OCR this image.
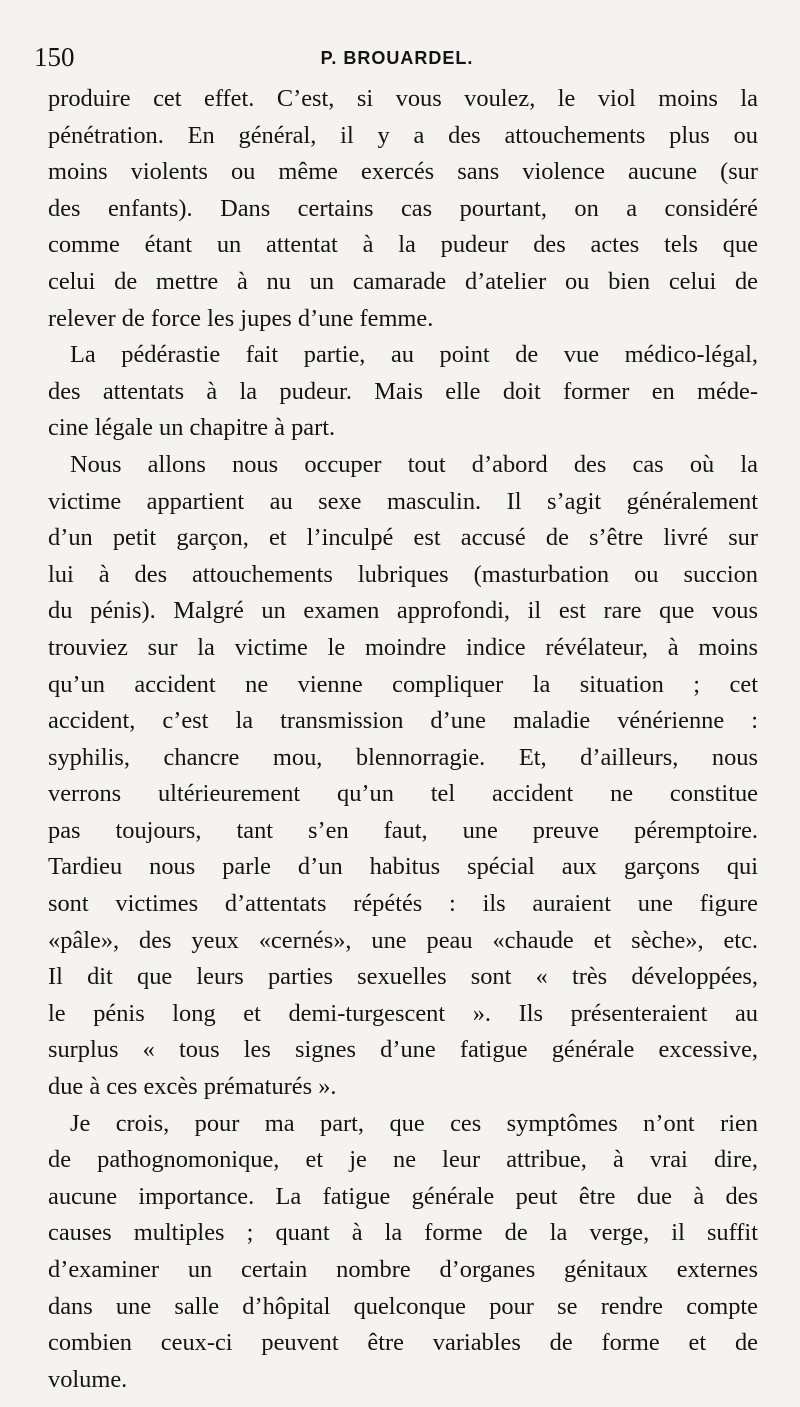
150	P. BROUARDEL.
produire cet effet. C’est, si vous voulez, le viol moins la
pénétration. En général, il y a des attouchements plus ou
moins violents ou même exercés sans violence aucune (sur
des enfants). Dans certains cas pourtant, on a considéré
comme étant un attentat à la pudeur des actes tels que
celui de mettre à nu un camarade d’atelier ou bien celui de
relever de force les jupes d’une femme.
La pédérastie fait partie, au point de vue médico-légal,
des attentats à la pudeur. Mais elle doit former en méde-
cine légale un chapitre à part.
Nous allons nous occuper tout d’abord des cas où la
victime appartient au sexe masculin. Il s’agit généralement
d’un petit garçon, et l’inculpé est accusé de s’être livré sur
lui à des attouchements lubriques (masturbation ou succion
du pénis). Malgré un examen approfondi, il est rare que vous
trouviez sur la victime le moindre indice révélateur, à moins
qu’un accident ne vienne compliquer la situation ; cet
accident, c’est la transmission d’une maladie vénérienne :
syphilis, chancre mou, blennorragie. Et, d’ailleurs, nous
verrons ultérieurement qu’un tel accident ne constitue
pas toujours, tant s’en faut, une preuve péremptoire.
Tardieu nous parle d’un habitus spécial aux garçons qui
sont victimes d’attentats répétés : ils auraient une figure
«pâle», des yeux «cernés», une peau «chaude et sèche», etc.
Il dit que leurs parties sexuelles sont « très développées,
le pénis long et demi-turgescent ». Ils présenteraient au
surplus « tous les signes d’une fatigue générale excessive,
due à ces excès prématurés ».
Je crois, pour ma part, que ces symptômes n’ont rien
de pathognomonique, et je ne leur attribue, à vrai dire,
aucune importance. La fatigue générale peut être due à des
causes multiples ; quant à la forme de la verge, il suffit
d’examiner un certain nombre d’organes génitaux externes
dans une salle d’hôpital quelconque pour se rendre compte
combien ceux-ci peuvent être variables de forme et de
volume.
